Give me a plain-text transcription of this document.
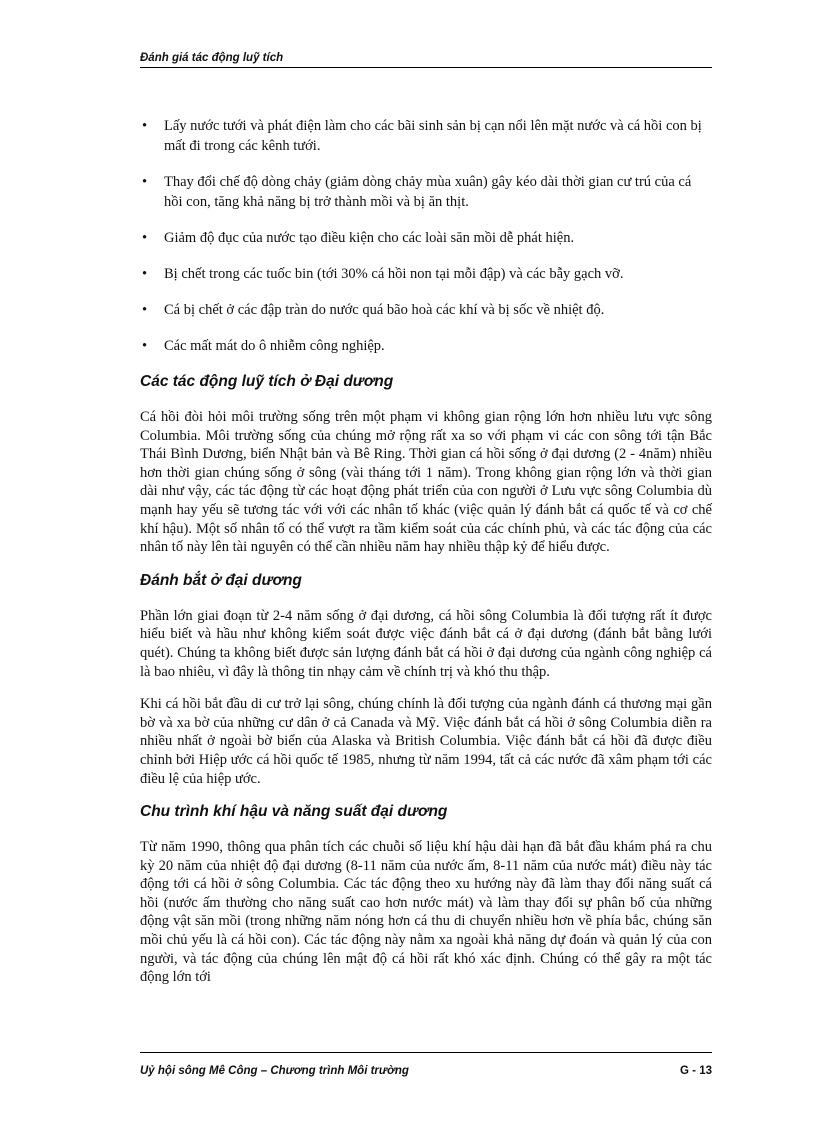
Đánh giá tác động luỹ tích
• Lấy nước tưới và phát điện làm cho các bãi sinh sản bị cạn nổi lên mặt nước và cá hồi con bị mất đi trong các kênh tưới.
• Thay đổi chế độ dòng chảy (giảm dòng chảy mùa xuân) gây kéo dài thời gian cư trú của cá hồi con, tăng khả năng bị trở thành mồi và bị ăn thịt.
• Giảm độ đục của nước tạo điều kiện cho các loài săn mồi dễ phát hiện.
• Bị chết trong các tuốc bin (tới 30% cá hồi non tại mỗi đập) và các bẫy gạch vỡ.
• Cá bị chết ở các đập tràn do nước quá bão hoà các khí và bị sốc về nhiệt độ.
• Các mất mát do ô nhiễm công nghiệp.
Các tác động luỹ tích ở Đại dương

Cá hồi đòi hỏi môi trường sống trên một phạm vi không gian rộng lớn hơn nhiều lưu vực sông Columbia. Môi trường sống của chúng mở rộng rất xa so với phạm vi các con sông tới tận Bắc Thái Bình Dương, biển Nhật bản và Bê Ring. Thời gian cá hồi sống ở đại dương (2 - 4năm) nhiều hơn thời gian chúng sống ở sông (vài tháng tới 1 năm). Trong không gian rộng lớn và thời gian dài như vậy, các tác động từ các hoạt động phát triển của con người ở Lưu vực sông Columbia dù mạnh hay yếu sẽ tương tác với với các nhân tố khác (việc quản lý đánh bắt cá quốc tế và cơ chế khí hậu). Một số nhân tố có thể vượt ra tầm kiểm soát của các chính phủ, và các tác động của các nhân tố này lên tài nguyên có thể cần nhiều năm hay nhiều thập kỷ để hiểu được.

Đánh bắt ở đại dương

Phần lớn giai đoạn từ 2-4 năm sống ở đại dương, cá hồi sông Columbia là đối tượng rất ít được hiểu biết và hầu như không kiểm soát được việc đánh bắt cá ở đại dương (đánh bắt bằng lưới quét). Chúng ta không biết được sản lượng đánh bắt cá hồi ở đại dương của ngành công nghiệp cá là bao nhiêu, vì đây là thông tin nhạy cảm về chính trị và khó thu thập.

Khi cá hồi bắt đầu di cư trở lại sông, chúng chính là đối tượng của ngành đánh cá thương mại gần bờ và xa bờ của những cư dân ở cả Canada và Mỹ. Việc đánh bắt cá hồi ở sông Columbia diễn ra nhiều nhất ở ngoài bờ biển của Alaska và British Columbia. Việc đánh bắt cá hồi đã được điều chỉnh bởi Hiệp ước cá hồi quốc tế 1985, nhưng từ năm 1994, tất cả các nước đã xâm phạm tới các điều lệ của hiệp ước.

Chu trình khí hậu và năng suất đại dương

Từ năm 1990, thông qua phân tích các chuỗi số liệu khí hậu dài hạn đã bắt đầu khám phá ra chu kỳ 20 năm của nhiệt độ đại dương (8-11 năm của nước ấm, 8-11 năm của nước mát) điều này tác động tới cá hồi ở sông Columbia. Các tác động theo xu hướng này đã làm thay đổi năng suất cá hồi (nước ấm thường cho năng suất cao hơn nước mát) và làm thay đổi sự phân bố của những động vật săn mồi (trong những năm nóng hơn cá thu di chuyển nhiều hơn về phía bắc, chúng săn mồi chủ yếu là cá hồi con). Các tác động này nằm xa ngoài khả năng dự đoán và quản lý của con người, và tác động của chúng lên mật độ cá hồi rất khó xác định. Chúng có thể gây ra một tác động lớn tới

Uỷ hội sông Mê Công – Chương trình Môi trường	G - 13
